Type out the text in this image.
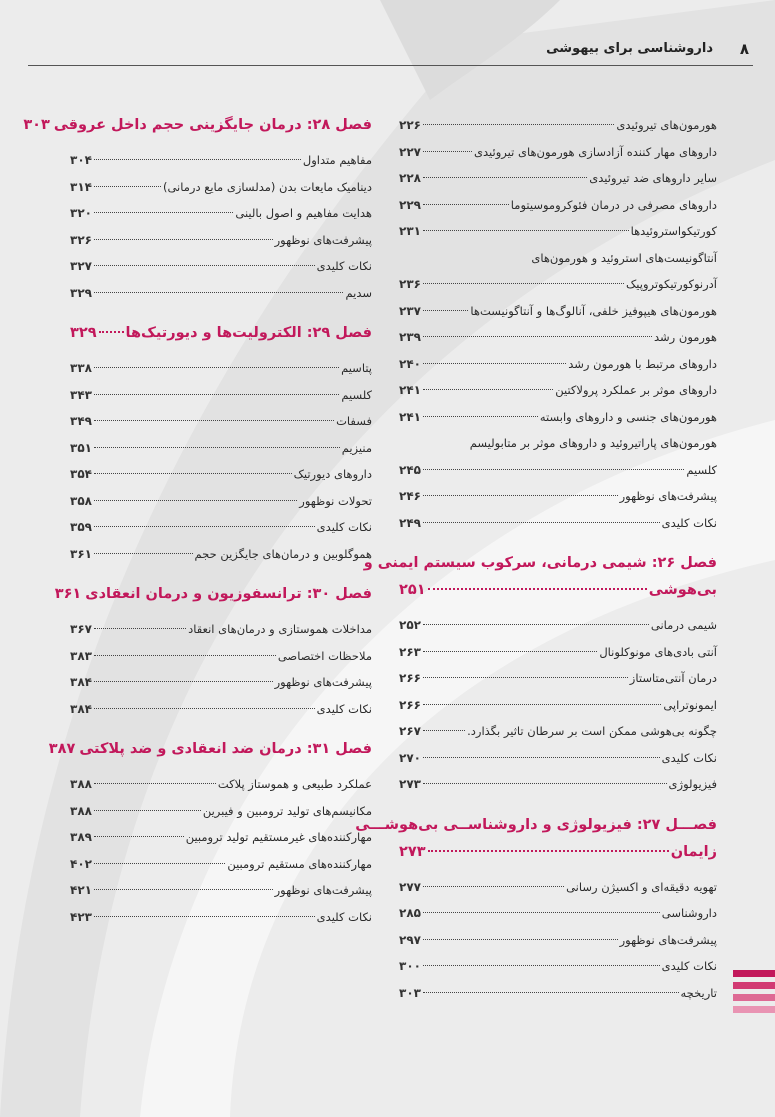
۸
داروشناسی برای بیهوشی
هورمون‌های تیروئیدی
۲۲۶
داروهای مهار کننده آزادسازی هورمون‌های تیروئیدی
۲۲۷
سایر داروهای ضد تیروئیدی
۲۲۸
داروهای مصرفی در درمان فئوکروموسیتوما
۲۲۹
کورتیکواستروئیدها
۲۳۱
آنتاگونیست‌های استروئید و هورمون‌های
آدرنوکورتیکوتروپیک
۲۳۶
هورمون‌های هیپوفیز خلفی، آنالوگ‌ها و آنتاگونیست‌ها
۲۳۷
هورمون رشد
۲۳۹
داروهای مرتبط با هورمون رشد
۲۴۰
داروهای موثر بر عملکرد پرولاکتین
۲۴۱
هورمون‌های جنسی و داروهای وابسته
۲۴۱
هورمون‌های پاراتیروئید و داروهای موثر بر متابولیسم
کلسیم
۲۴۵
پیشرفت‌های نوظهور
۲۴۶
نکات کلیدی
۲۴۹
فصل ۲۶: شیمی درمانی، سرکوب سیستم ایمنی و
بی‌هوشی
۲۵۱
شیمی درمانی
۲۵۲
آنتی بادی‌های مونوکلونال
۲۶۳
درمان آنتی‌متاستاز
۲۶۶
ایمونوتراپی
۲۶۶
چگونه بی‌هوشی ممکن است بر سرطان تاثیر بگذارد.
۲۶۷
نکات کلیدی
۲۷۰
فیزیولوژی
۲۷۳
فصـــل ۲۷: فیزیولوژی و داروشناســی بی‌هوشـــی
زایمان
۲۷۳
تهویه دقیقه‌ای و اکسیژن رسانی
۲۷۷
داروشناسی
۲۸۵
پیشرفت‌های نوظهور
۲۹۷
نکات کلیدی
۳۰۰
تاریخچه
۳۰۳
فصل ۲۸: درمان جایگزینی حجم داخل عروقی
۳۰۳
مفاهیم متداول
۳۰۴
دینامیک مایعات بدن (مدلسازی مایع درمانی)
۳۱۴
هدایت مفاهیم و اصول بالینی
۳۲۰
پیشرفت‌های نوظهور
۳۲۶
نکات کلیدی
۳۲۷
سدیم
۳۲۹
فصل ۲۹: الکترولیت‌ها و دیورتیک‌ها
۳۲۹
پتاسیم
۳۳۸
کلسیم
۳۴۳
فسفات
۳۴۹
منیزیم
۳۵۱
داروهای دیورتیک
۳۵۴
تحولات نوظهور
۳۵۸
نکات کلیدی
۳۵۹
هموگلوبین و درمان‌های جایگزین حجم
۳۶۱
فصل ۳۰: ترانسفوزیون و درمان انعقادی
۳۶۱
مداخلات هموستازی و درمان‌های انعقاد
۳۶۷
ملاحظات اختصاصی
۳۸۳
پیشرفت‌های نوظهور
۳۸۴
نکات کلیدی
۳۸۴
فصل ۳۱: درمان ضد انعقادی و ضد پلاکتی
۳۸۷
عملکرد طبیعی و هموستاز پلاکت
۳۸۸
مکانیسم‌های تولید ترومبین و فیبرین
۳۸۸
مهارکننده‌های غیرمستقیم تولید ترومبین
۳۸۹
مهارکننده‌های مستقیم ترومبین
۴۰۲
پیشرفت‌های نوظهور
۴۲۱
نکات کلیدی
۴۲۳
